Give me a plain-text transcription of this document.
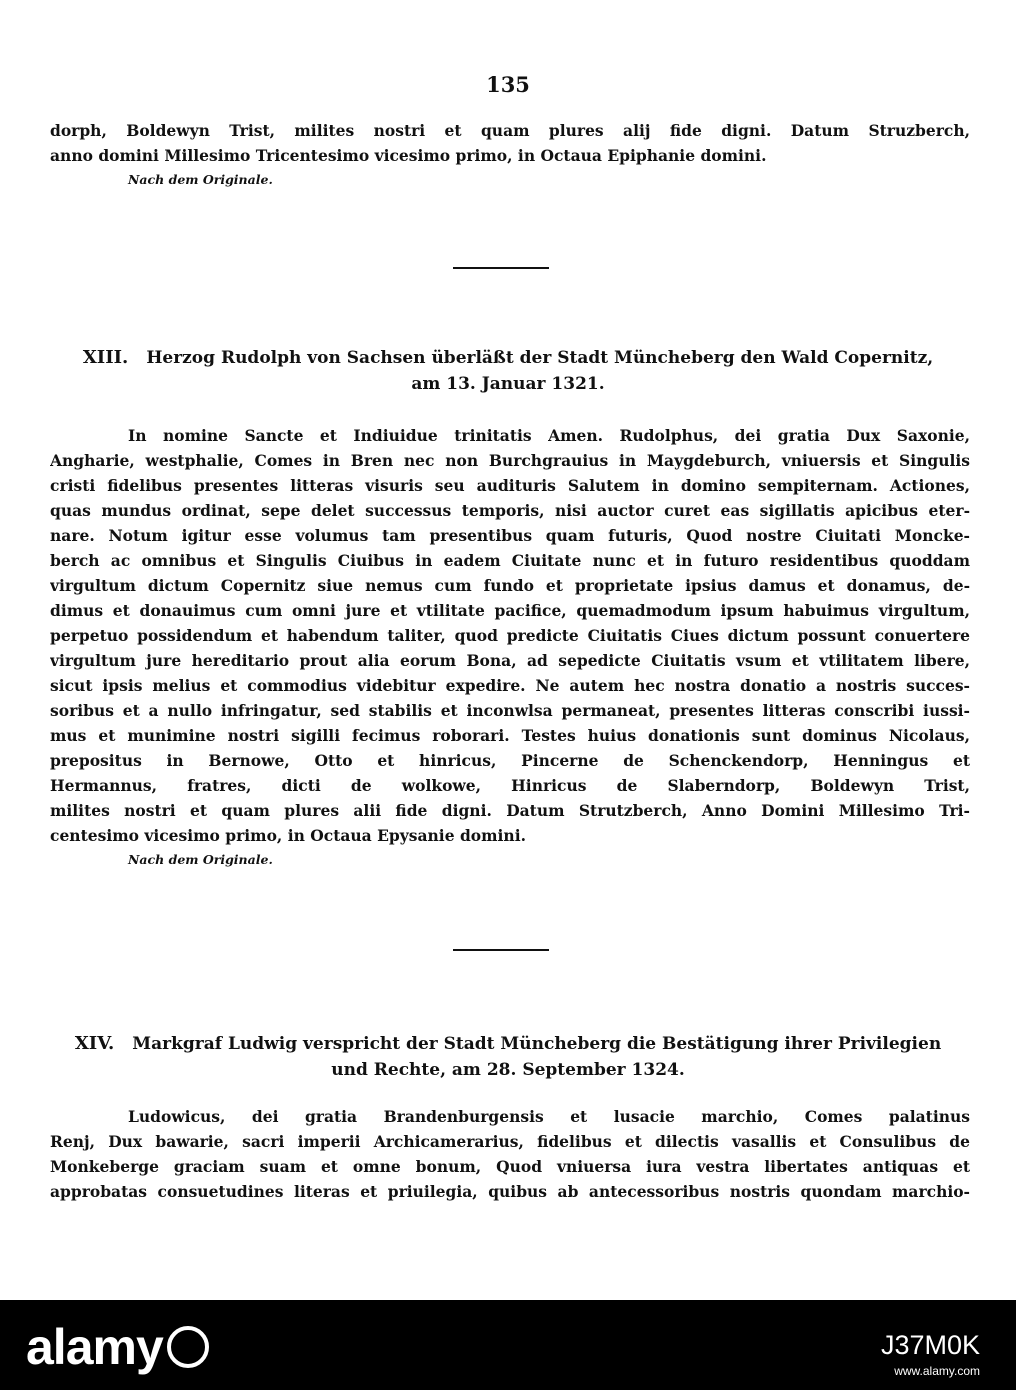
135
dorph, Boldewyn Trist, milites nostri et quam plures alij fide digni. Datum Struzberch,
anno domini Millesimo Tricentesimo vicesimo primo, in Octaua Epiphanie domini.
Nach dem Originale.
XIII. Herzog Rudolph von Sachsen überläßt der Stadt Müncheberg den Wald Copernitz,
am 13. Januar 1321.
In nomine Sancte et Indiuidue trinitatis Amen. Rudolphus, dei gratia Dux Saxonie,
Angharie, westphalie, Comes in Bren nec non Burchgrauius in Maygdeburch, vniuersis et Singulis
cristi fidelibus presentes litteras visuris seu audituris Salutem in domino sempiternam. Actiones,
quas mundus ordinat, sepe delet successus temporis, nisi auctor curet eas sigillatis apicibus eter-
nare. Notum igitur esse volumus tam presentibus quam futuris, Quod nostre Ciuitati Moncke-
berch ac omnibus et Singulis Ciuibus in eadem Ciuitate nunc et in futuro residentibus quoddam
virgultum dictum Copernitz siue nemus cum fundo et proprietate ipsius damus et donamus, de-
dimus et donauimus cum omni jure et vtilitate pacifice, quemadmodum ipsum habuimus virgultum,
perpetuo possidendum et habendum taliter, quod predicte Ciuitatis Ciues dictum possunt conuertere
virgultum jure hereditario prout alia eorum Bona, ad sepedicte Ciuitatis vsum et vtilitatem libere,
sicut ipsis melius et commodius videbitur expedire. Ne autem hec nostra donatio a nostris succes-
soribus et a nullo infringatur, sed stabilis et inconwlsa permaneat, presentes litteras conscribi iussi-
mus et munimine nostri sigilli fecimus roborari. Testes huius donationis sunt dominus Nicolaus,
prepositus in Bernowe, Otto et hinricus, Pincerne de Schenckendorp, Henningus et
Hermannus, fratres, dicti de wolkowe, Hinricus de Slaberndorp, Boldewyn Trist,
milites nostri et quam plures alii fide digni. Datum Strutzberch, Anno Domini Millesimo Tri-
centesimo vicesimo primo, in Octaua Epysanie domini.
Nach dem Originale.
XIV. Markgraf Ludwig verspricht der Stadt Müncheberg die Bestätigung ihrer Privilegien
und Rechte, am 28. September 1324.
Ludowicus, dei gratia Brandenburgensis et lusacie marchio, Comes palatinus
Renj, Dux bawarie, sacri imperii Archicamerarius, fidelibus et dilectis vasallis et Consulibus de
Monkeberge graciam suam et omne bonum, Quod vniuersa iura vestra libertates antiquas et
approbatas consuetudines literas et priuilegia, quibus ab antecessoribus nostris quondam marchio-
alamy	J37M0K
www.alamy.com
